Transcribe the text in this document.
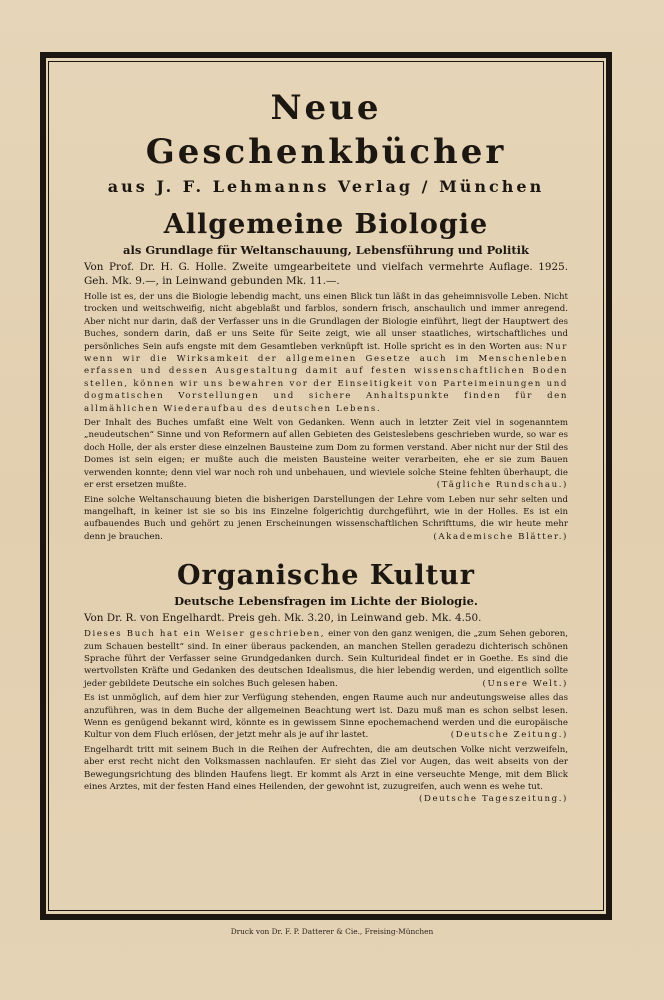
Neue Geschenkbücher
aus J. F. Lehmanns Verlag / München
Allgemeine Biologie
als Grundlage für Weltanschauung, Lebensführung und Politik
Von Prof. Dr. H. G. Holle. Zweite umgearbeitete und vielfach vermehrte Auflage. 1925. Geh. Mk. 9.—, in Leinwand gebunden Mk. 11.—.

Holle ist es, der uns die Biologie lebendig macht, uns einen Blick tun läßt in das geheimnisvolle Leben. Nicht trocken und weitschweifig, nicht abgeblaßt und farblos, sondern frisch, anschaulich und immer anregend. Aber nicht nur darin, daß der Verfasser uns in die Grundlagen der Biologie einführt, liegt der Hauptwert des Buches, sondern darin, daß er uns Seite für Seite zeigt, wie all unser staatliches, wirtschaftliches und persönliches Sein aufs engste mit dem Gesamtleben verknüpft ist. Holle spricht es in den Worten aus: Nur wenn wir die Wirksamkeit der allgemeinen Gesetze auch im Menschenleben erfassen und dessen Ausgestaltung damit auf festen wissenschaftlichen Boden stellen, können wir uns bewahren vor der Einseitigkeit von Parteimeinungen und dogmatischen Vorstellungen und sichere Anhaltspunkte finden für den allmählichen Wiederaufbau des deutschen Lebens.

Der Inhalt des Buches umfaßt eine Welt von Gedanken. Wenn auch in letzter Zeit viel in sogenanntem „neudeutschen“ Sinne und von Reformern auf allen Gebieten des Geisteslebens geschrieben wurde, so war es doch Holle, der als erster diese einzelnen Bausteine zum Dom zu formen verstand. Aber nicht nur der Stil des Domes ist sein eigen; er mußte auch die meisten Bausteine weiter verarbeiten, ehe er sie zum Bauen verwenden konnte; denn viel war noch roh und unbehauen, und wieviele solche Steine fehlten überhaupt, die er erst ersetzen mußte.	(Tägliche Rundschau.)

Eine solche Weltanschauung bieten die bisherigen Darstellungen der Lehre vom Leben nur sehr selten und mangelhaft, in keiner ist sie so bis ins Einzelne folgerichtig durchgeführt, wie in der Holles. Es ist ein aufbauendes Buch und gehört zu jenen Erscheinungen wissenschaftlichen Schrifttums, die wir heute mehr denn je brauchen.	(Akademische Blätter.)

Organische Kultur
Deutsche Lebensfragen im Lichte der Biologie.
Von Dr. R. von Engelhardt. Preis geh. Mk. 3.20, in Leinwand geb. Mk. 4.50.

Dieses Buch hat ein Weiser geschrieben, einer von den ganz wenigen, die „zum Sehen geboren, zum Schauen bestellt“ sind. In einer überaus packenden, an manchen Stellen geradezu dichterisch schönen Sprache führt der Verfasser seine Grundgedanken durch. Sein Kulturideal findet er in Goethe. Es sind die wertvollsten Kräfte und Gedanken des deutschen Idealismus, die hier lebendig werden, und eigentlich sollte jeder gebildete Deutsche ein solches Buch gelesen haben.	(Unsere Welt.)

Es ist unmöglich, auf dem hier zur Verfügung stehenden, engen Raume auch nur andeutungsweise alles das anzuführen, was in dem Buche der allgemeinen Beachtung wert ist. Dazu muß man es schon selbst lesen. Wenn es genügend bekannt wird, könnte es in gewissem Sinne epochemachend werden und die europäische Kultur von dem Fluch erlösen, der jetzt mehr als je auf ihr lastet.	(Deutsche Zeitung.)

Engelhardt tritt mit seinem Buch in die Reihen der Aufrechten, die am deutschen Volke nicht verzweifeln, aber erst recht nicht den Volksmassen nachlaufen. Er sieht das Ziel vor Augen, das weit abseits von der Bewegungsrichtung des blinden Haufens liegt. Er kommt als Arzt in eine verseuchte Menge, mit dem Blick eines Arztes, mit der festen Hand eines Heilenden, der gewohnt ist, zuzugreifen, auch wenn es wehe tut.
(Deutsche Tageszeitung.)

Druck von Dr. F. P. Datterer & Cie., Freising-München
